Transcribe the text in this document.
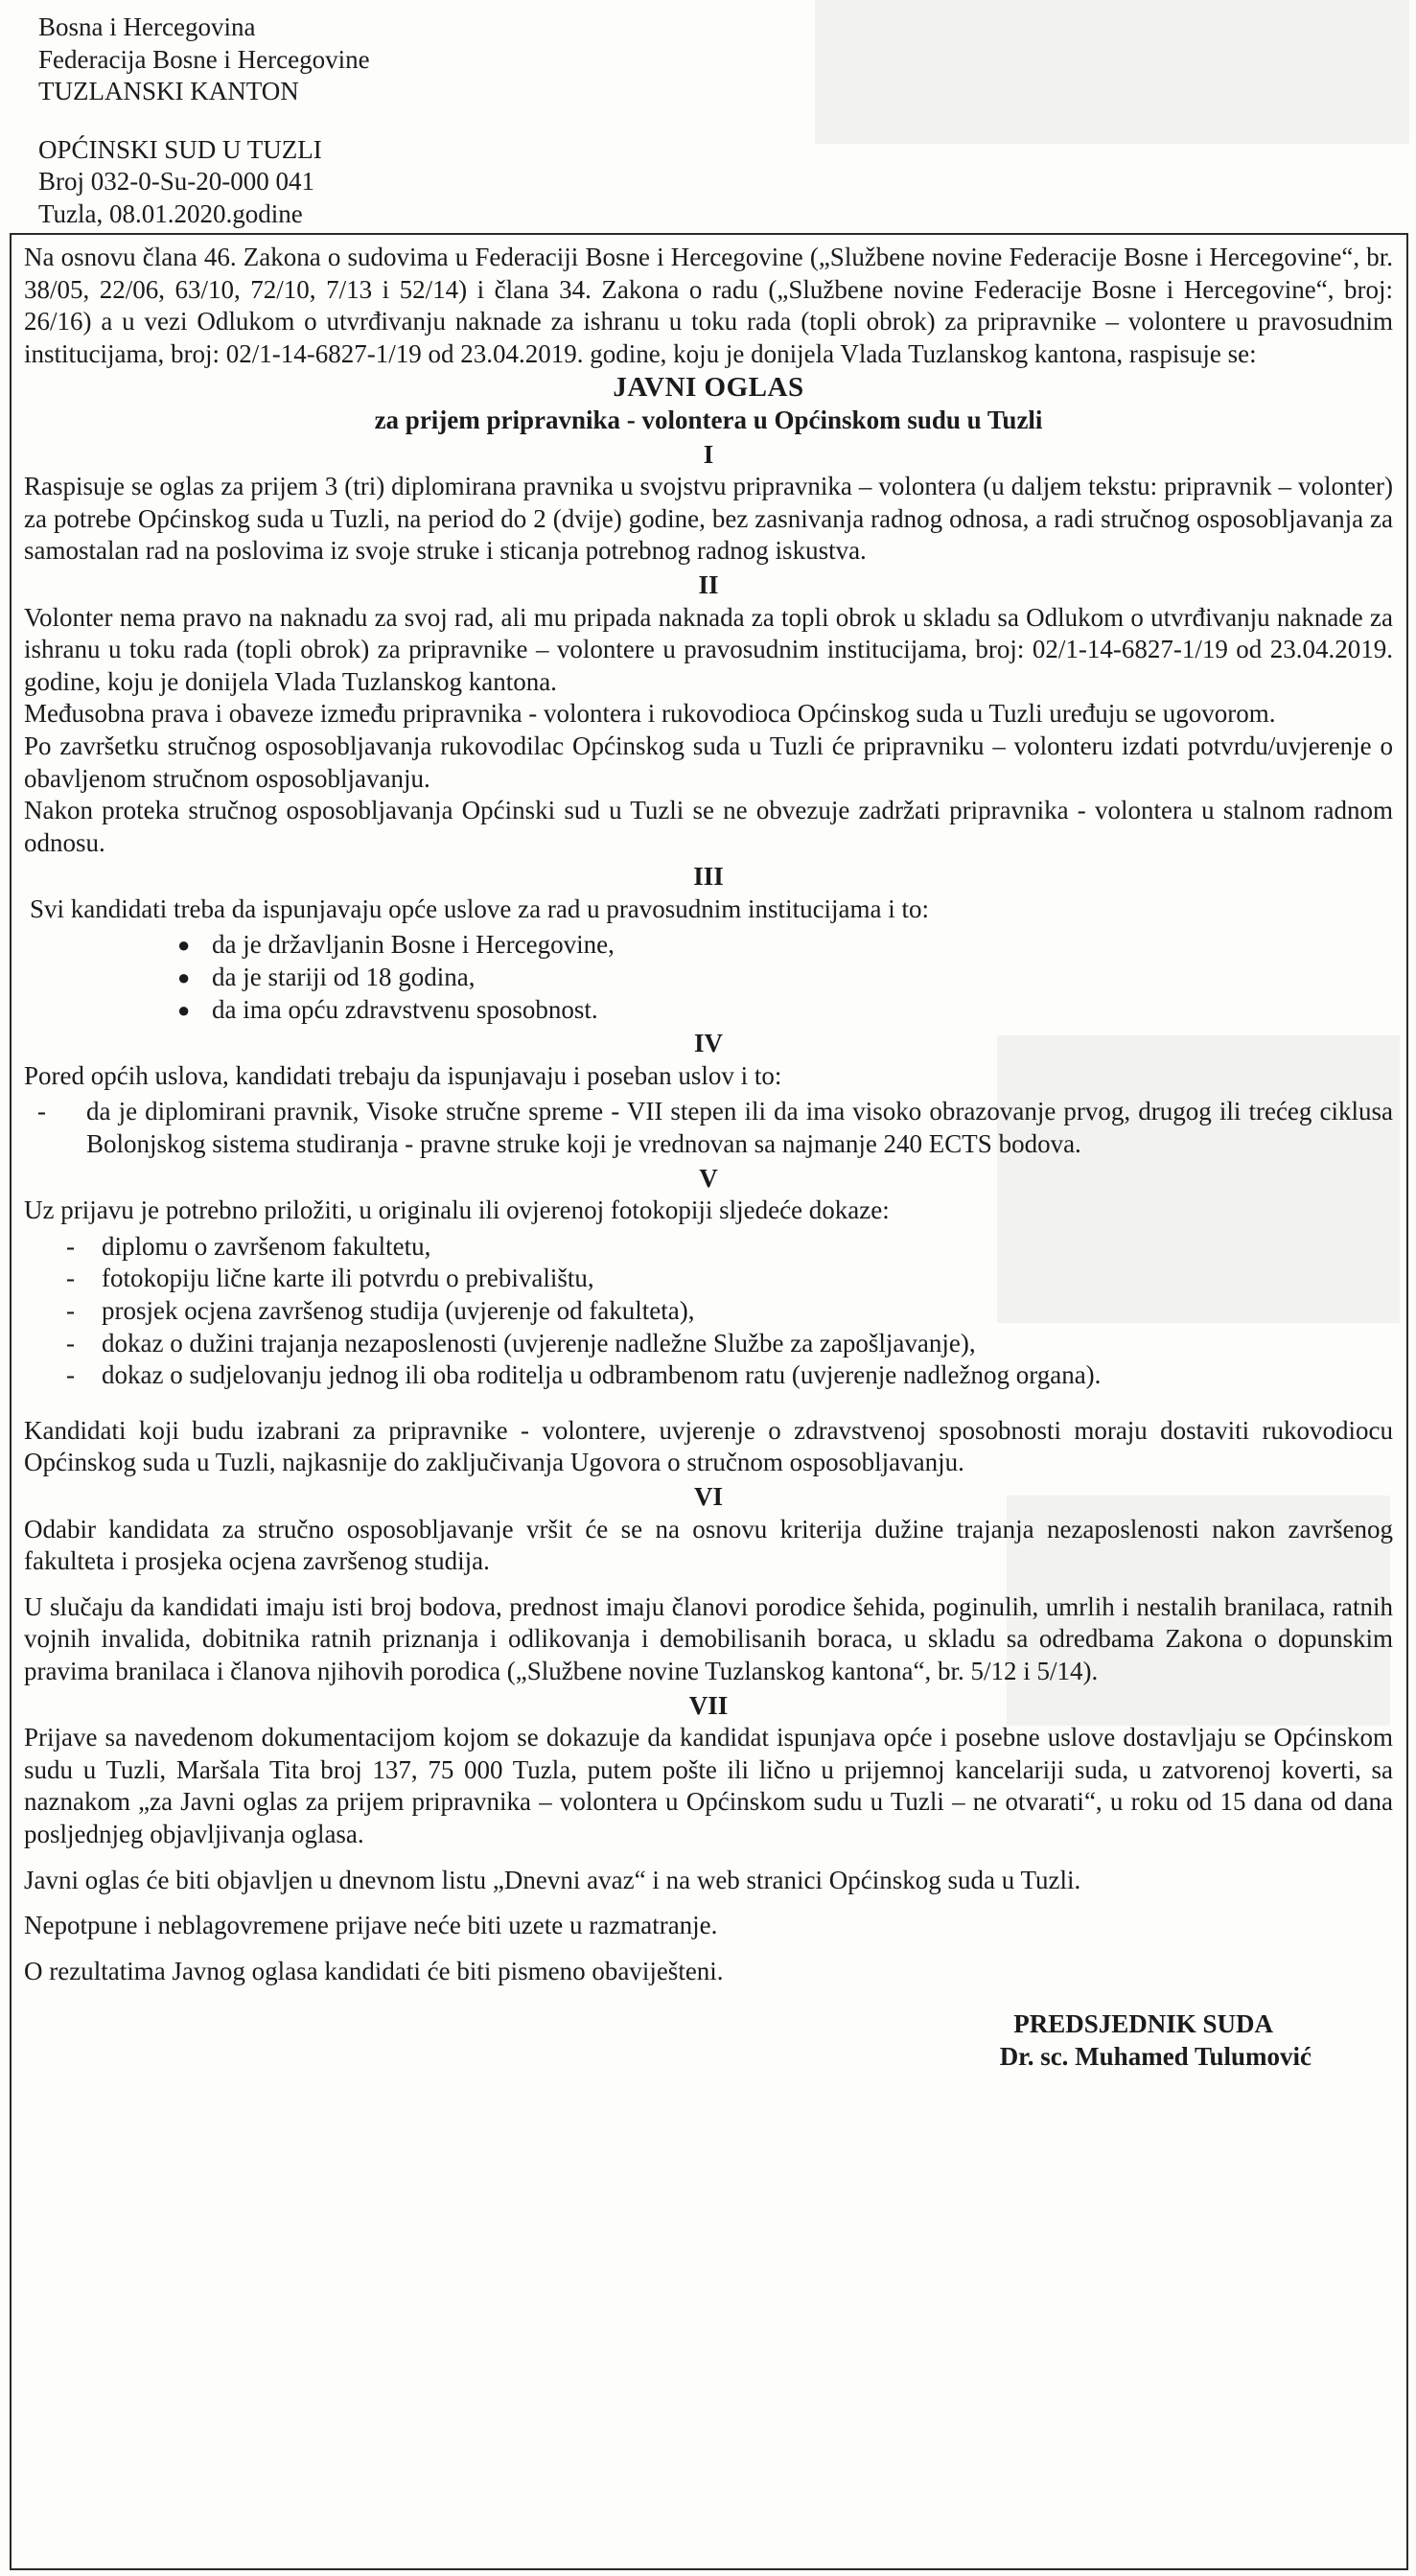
Bosna i Hercegovina
Federacija Bosne i Hercegovine
TUZLANSKI KANTON
OPĆINSKI SUD U TUZLI
Broj 032-0-Su-20-000 041
Tuzla, 08.01.2020.godine

Na osnovu člana 46. Zakona o sudovima u Federaciji Bosne i Hercegovine („Službene novine Federacije Bosne i Hercegovine“, br. 38/05, 22/06, 63/10, 72/10, 7/13 i 52/14) i člana 34. Zakona o radu („Službene novine Federacije Bosne i Hercegovine“, broj: 26/16) a u vezi Odlukom o utvrđivanju naknade za ishranu u toku rada (topli obrok) za pripravnike – volontere u pravosudnim institucijama, broj: 02/1-14-6827-1/19 od 23.04.2019. godine, koju je donijela Vlada Tuzlanskog kantona, raspisuje se:

JAVNI OGLAS
za prijem pripravnika - volontera u Općinskom sudu u Tuzli
I

Raspisuje se oglas za prijem 3 (tri) diplomirana pravnika u svojstvu pripravnika – volontera (u daljem tekstu: pripravnik – volonter) za potrebe Općinskog suda u Tuzli, na period do 2 (dvije) godine, bez zasnivanja radnog odnosa, a radi stručnog osposobljavanja za samostalan rad na poslovima iz svoje struke i sticanja potrebnog radnog iskustva.

II

Volonter nema pravo na naknadu za svoj rad, ali mu pripada naknada za topli obrok u skladu sa Odlukom o utvrđivanju naknade za ishranu u toku rada (topli obrok) za pripravnike – volontere u pravosudnim institucijama, broj: 02/1-14-6827-1/19 od 23.04.2019. godine, koju je donijela Vlada Tuzlanskog kantona.

Međusobna prava i obaveze između pripravnika - volontera i rukovodioca Općinskog suda u Tuzli uređuju se ugovorom.

Po završetku stručnog osposobljavanja rukovodilac Općinskog suda u Tuzli će pripravniku – volonteru izdati potvrdu/uvjerenje o obavljenom stručnom osposobljavanju.

Nakon proteka stručnog osposobljavanja Općinski sud u Tuzli se ne obvezuje zadržati pripravnika - volontera u stalnom radnom odnosu.

III

Svi kandidati treba da ispunjavaju opće uslove za rad u pravosudnim institucijama i to:

● da je državljanin Bosne i Hercegovine,
● da je stariji od 18 godina,
● da ima opću zdravstvenu sposobnost.
IV

Pored općih uslova, kandidati trebaju da ispunjavaju i poseban uslov i to:

- da je diplomirani pravnik, Visoke stručne spreme - VII stepen ili da ima visoko obrazovanje prvog, drugog ili trećeg ciklusa Bolonjskog sistema studiranja - pravne struke koji je vrednovan sa najmanje 240 ECTS bodova.
V

Uz prijavu je potrebno priložiti, u originalu ili ovjerenoj fotokopiji sljedeće dokaze:

- diplomu o završenom fakultetu,
- fotokopiju lične karte ili potvrdu o prebivalištu,
- prosjek ocjena završenog studija (uvjerenje od fakulteta),
- dokaz o dužini trajanja nezaposlenosti (uvjerenje nadležne Službe za zapošljavanje),
- dokaz o sudjelovanju jednog ili oba roditelja u odbrambenom ratu (uvjerenje nadležnog organa).

Kandidati koji budu izabrani za pripravnike - volontere, uvjerenje o zdravstvenoj sposobnosti moraju dostaviti rukovodiocu Općinskog suda u Tuzli, najkasnije do zaključivanja Ugovora o stručnom osposobljavanju.

VI

Odabir kandidata za stručno osposobljavanje vršit će se na osnovu kriterija dužine trajanja nezaposlenosti nakon završenog fakulteta i prosjeka ocjena završenog studija.

U slučaju da kandidati imaju isti broj bodova, prednost imaju članovi porodice šehida, poginulih, umrlih i nestalih branilaca, ratnih vojnih invalida, dobitnika ratnih priznanja i odlikovanja i demobilisanih boraca, u skladu sa odredbama Zakona o dopunskim pravima branilaca i članova njihovih porodica („Službene novine Tuzlanskog kantona“, br. 5/12 i 5/14).

VII

Prijave sa navedenom dokumentacijom kojom se dokazuje da kandidat ispunjava opće i posebne uslove dostavljaju se Općinskom sudu u Tuzli, Maršala Tita broj 137, 75 000 Tuzla, putem pošte ili lično u prijemnoj kancelariji suda, u zatvorenoj koverti, sa naznakom „za Javni oglas za prijem pripravnika – volontera u Općinskom sudu u Tuzli – ne otvarati“, u roku od 15 dana od dana posljednjeg objavljivanja oglasa.

Javni oglas će biti objavljen u dnevnom listu „Dnevni avaz“ i na web stranici Općinskog suda u Tuzli.

Nepotpune i neblagovremene prijave neće biti uzete u razmatranje.

O rezultatima Javnog oglasa kandidati će biti pismeno obaviješteni.

PREDSJEDNIK SUDA
Dr. sc. Muhamed Tulumović
